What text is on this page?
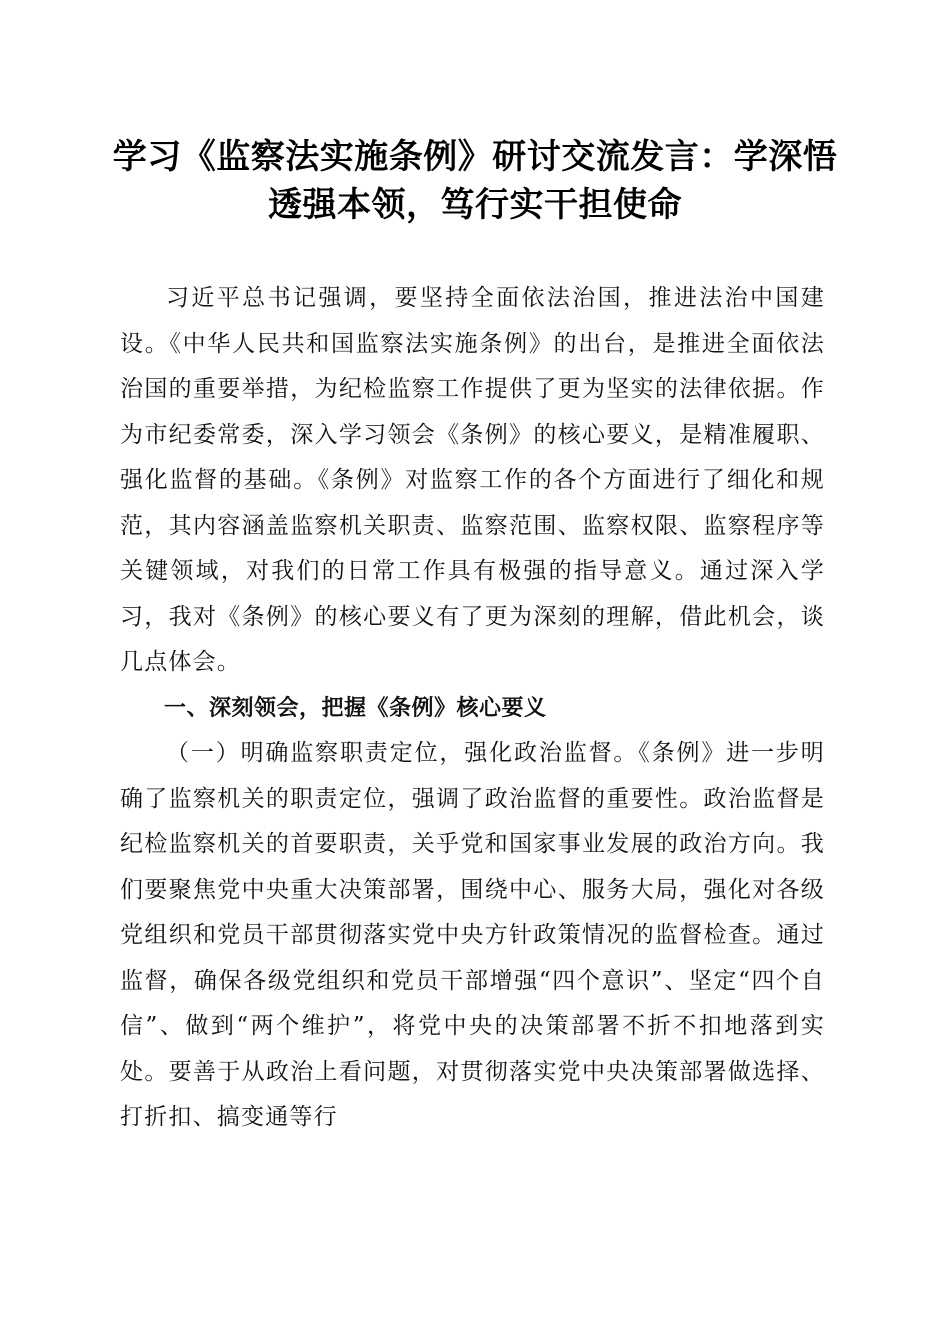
学习《监察法实施条例》研讨交流发言：学深悟透强本领，笃行实干担使命

习近平总书记强调，要坚持全面依法治国，推进法治中国建设。《中华人民共和国监察法实施条例》的出台，是推进全面依法治国的重要举措，为纪检监察工作提供了更为坚实的法律依据。作为市纪委常委，深入学习领会《条例》的核心要义，是精准履职、强化监督的基础。《条例》对监察工作的各个方面进行了细化和规范，其内容涵盖监察机关职责、监察范围、监察权限、监察程序等关键领域，对我们的日常工作具有极强的指导意义。通过深入学习，我对《条例》的核心要义有了更为深刻的理解，借此机会，谈几点体会。

一、深刻领会，把握《条例》核心要义

（一）明确监察职责定位，强化政治监督。《条例》进一步明确了监察机关的职责定位，强调了政治监督的重要性。政治监督是纪检监察机关的首要职责，关乎党和国家事业发展的政治方向。我们要聚焦党中央重大决策部署，围绕中心、服务大局，强化对各级党组织和党员干部贯彻落实党中央方针政策情况的监督检查。通过监督，确保各级党组织和党员干部增强“四个意识”、坚定“四个自信”、做到“两个维护”，将党中央的决策部署不折不扣地落到实处。要善于从政治上看问题，对贯彻落实党中央决策部署做选择、打折扣、搞变通等行
